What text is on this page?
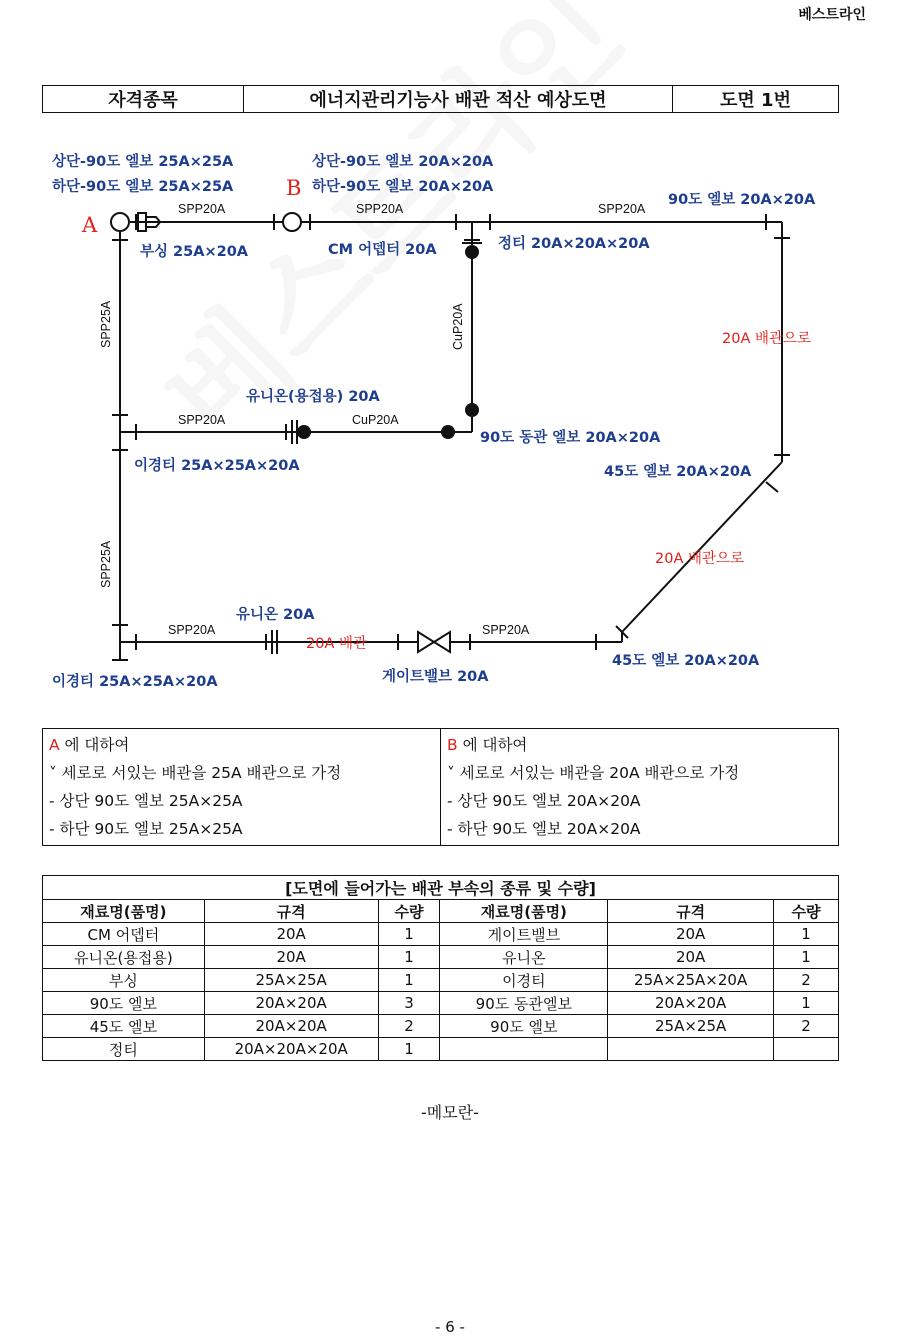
베스트라인
자격종목	에너지관리기능사 배관 적산 예상도면	도면 1번
A
B
상단-90도 엘보 25A×25A
하단-90도 엘보 25A×25A
상단-90도 엘보 20A×20A
하단-90도 엘보 20A×20A
90도 엘보 20A×20A
부싱 25A×20A	CM 어뎁터 20A	정티 20A×20A×20A
유니온(용접용) 20A
90도 동관 엘보 20A×20A
이경티 25A×25A×20A	45도 엘보 20A×20A
유니온 20A
게이트밸브 20A
45도 엘보 20A×20A
이경티 25A×25A×20A
20A 배관으로
20A 배관으로
20A 배관
SPP20A	SPP20A	SPP20A
SPP20A	CuP20A
SPP20A	SPP20A
SPP25A
SPP25A
CuP20A
A 에 대하여
˅ 세로로 서있는 배관을 25A 배관으로 가정
- 상단 90도 엘보 25A×25A
- 하단 90도 엘보 25A×25A

B 에 대하여
˅ 세로로 서있는 배관을 20A 배관으로 가정
- 상단 90도 엘보 20A×20A
- 하단 90도 엘보 20A×20A
[도면에 들어가는 배관 부속의 종류 및 수량]					
재료명(품명)	규격	수량	재료명(품명)	규격	수량
CM 어뎁터	20A	1	게이트밸브	20A	1
유니온(용접용)	20A	1	유니온	20A	1
부싱	25A×25A	1	이경티	25A×25A×20A	2
90도 엘보	20A×20A	3	90도 동관엘보	20A×20A	1
45도 엘보	20A×20A	2	90도 엘보	25A×25A	2
정티	20A×20A×20A	1			
-메모란-
- 6 -
